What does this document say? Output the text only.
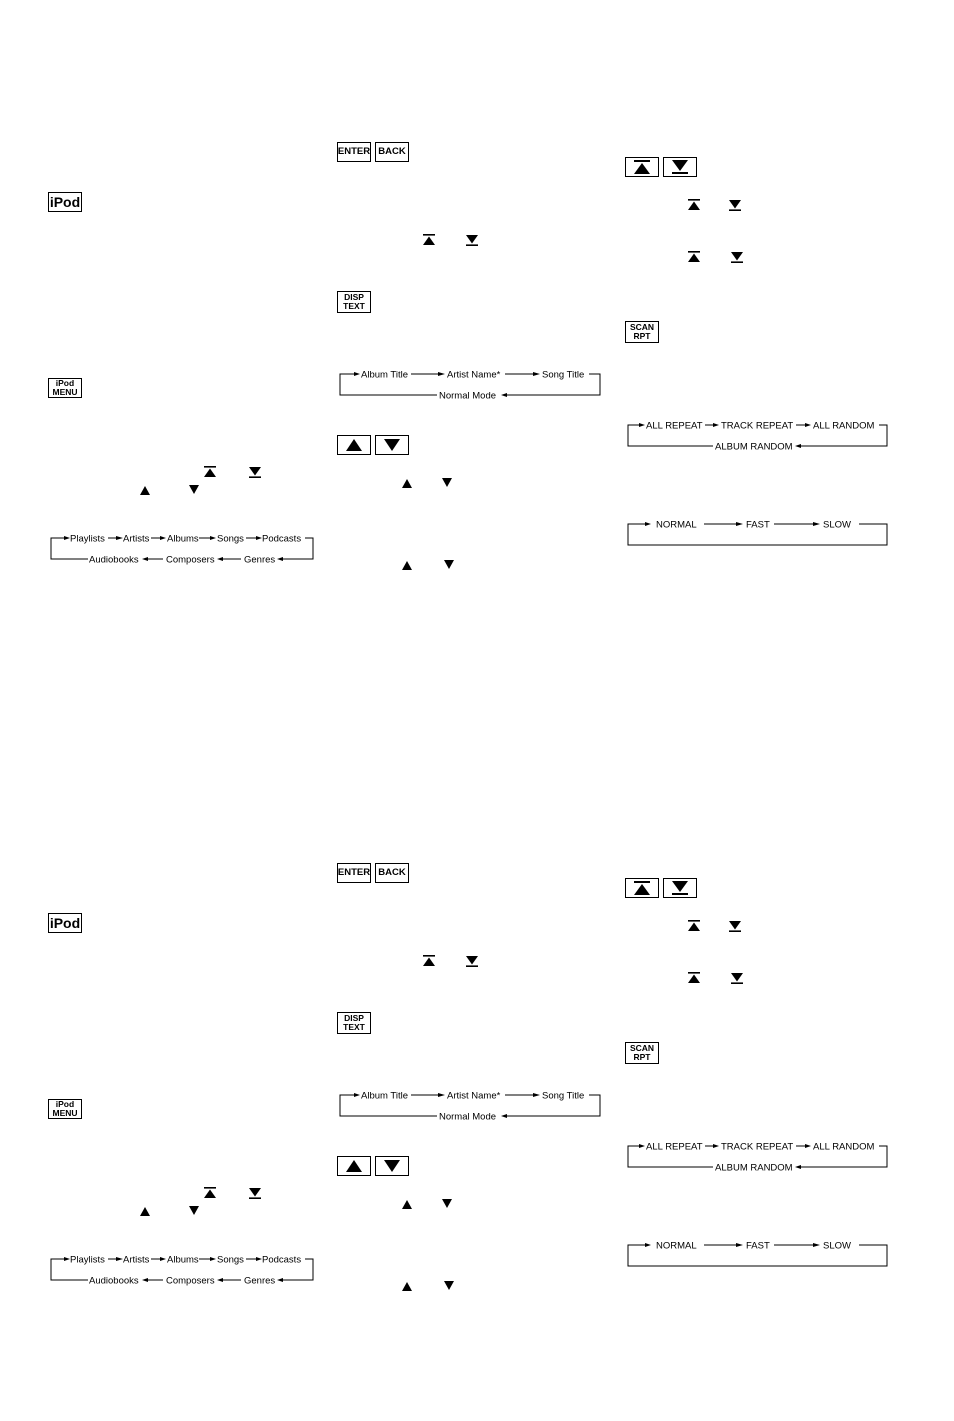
iPod
iPod
MENU
Playlists Artists Albums Songs Podcasts
Audiobooks	Composers	Genres
ENTER BACK
DISP
TEXT
Album Title	Artist Name*	Song Title
Normal Mode
SCAN
RPT
ALL REPEAT TRACK REPEAT ALL RANDOM
ALBUM RANDOM
NORMAL	FAST	SLOW
iPod
iPod
MENU
Playlists Artists Albums Songs Podcasts
Audiobooks	Composers	Genres
ENTER BACK
DISP
TEXT
Album Title	Artist Name*	Song Title
Normal Mode
SCAN
RPT
ALL REPEAT TRACK REPEAT ALL RANDOM
ALBUM RANDOM
NORMAL	FAST	SLOW
